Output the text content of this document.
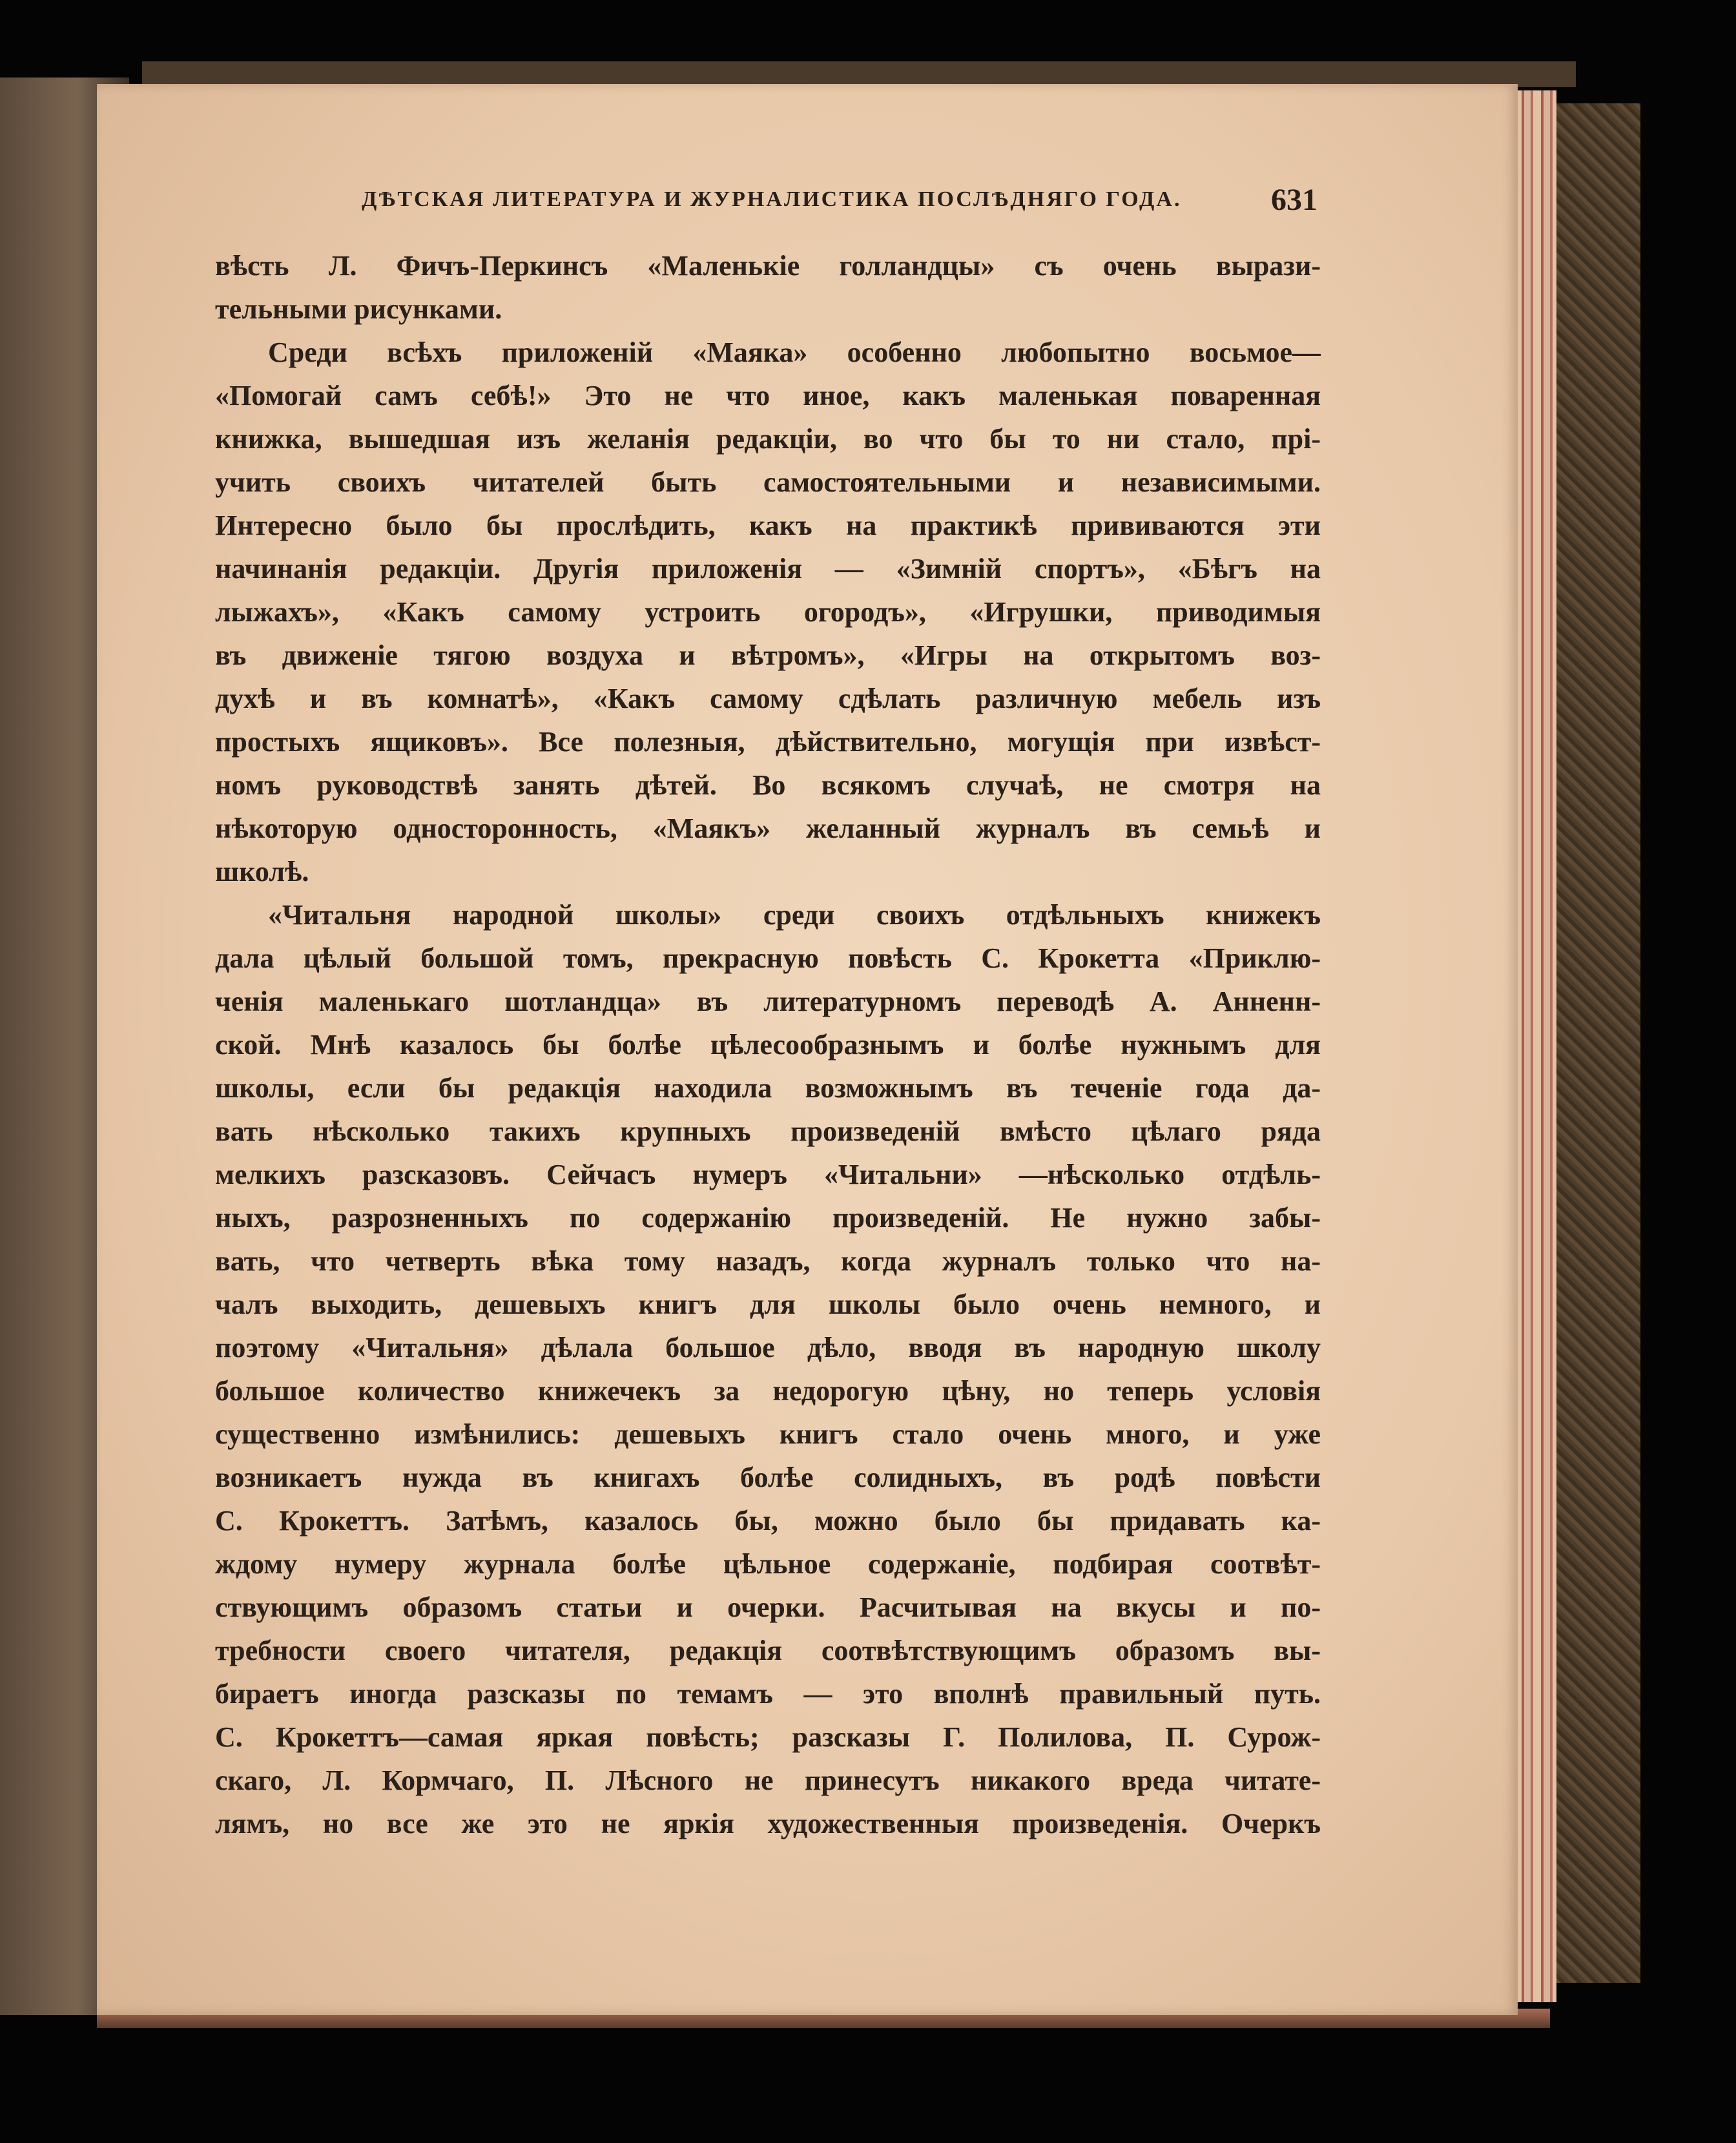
ДѢТСКАЯ ЛИТЕРАТУРА И ЖУРНАЛИСТИКА ПОСЛѢДНЯГО ГОДА.	631
вѣсть Л. Фичъ-Перкинсъ «Маленькіе голландцы» съ очень вырази-
тельными рисунками.
Среди всѣхъ приложеній «Маяка» особенно любопытно восьмое—
«Помогай самъ себѣ!» Это не что иное, какъ маленькая поваренная
книжка, вышедшая изъ желанія редакціи, во что бы то ни стало, прі-
учить своихъ читателей быть самостоятельными и независимыми.
Интересно было бы прослѣдить, какъ на практикѣ прививаются эти
начинанія редакціи. Другія приложенія — «Зимній спортъ», «Бѣгъ на
лыжахъ», «Какъ самому устроить огородъ», «Игрушки, приводимыя
въ движеніе тягою воздуха и вѣтромъ», «Игры на открытомъ воз-
духѣ и въ комнатѣ», «Какъ самому сдѣлать различную мебель изъ
простыхъ ящиковъ». Все полезныя, дѣйствительно, могущія при извѣст-
номъ руководствѣ занять дѣтей. Во всякомъ случаѣ, не смотря на
нѣкоторую односторонность, «Маякъ» желанный журналъ въ семьѣ и
школѣ.
«Читальня народной школы» среди своихъ отдѣльныхъ книжекъ
дала цѣлый большой томъ, прекрасную повѣсть С. Крокетта «Приклю-
ченія маленькаго шотландца» въ литературномъ переводѣ А. Анненн-
ской. Мнѣ казалось бы болѣе цѣлесообразнымъ и болѣе нужнымъ для
школы, если бы редакція находила возможнымъ въ теченіе года да-
вать нѣсколько такихъ крупныхъ произведеній вмѣсто цѣлаго ряда
мелкихъ разсказовъ. Сейчасъ нумеръ «Читальни» —нѣсколько отдѣль-
ныхъ, разрозненныхъ по содержанію произведеній. Не нужно забы-
вать, что четверть вѣка тому назадъ, когда журналъ только что на-
чалъ выходить, дешевыхъ книгъ для школы было очень немного, и
поэтому «Читальня» дѣлала большое дѣло, вводя въ народную школу
большое количество книжечекъ за недорогую цѣну, но теперь условія
существенно измѣнились: дешевыхъ книгъ стало очень много, и уже
возникаетъ нужда въ книгахъ болѣе солидныхъ, въ родѣ повѣсти
С. Крокеттъ. Затѣмъ, казалось бы, можно было бы придавать ка-
ждому нумеру журнала болѣе цѣльное содержаніе, подбирая соотвѣт-
ствующимъ образомъ статьи и очерки. Расчитывая на вкусы и по-
требности своего читателя, редакція соотвѣтствующимъ образомъ вы-
бираетъ иногда разсказы по темамъ — это вполнѣ правильный путь.
С. Крокеттъ—самая яркая повѣсть; разсказы Г. Полилова, П. Сурож-
скаго, Л. Кормчаго, П. Лѣсного не принесутъ никакого вреда читате-
лямъ, но все же это не яркія художественныя произведенія. Очеркъ
